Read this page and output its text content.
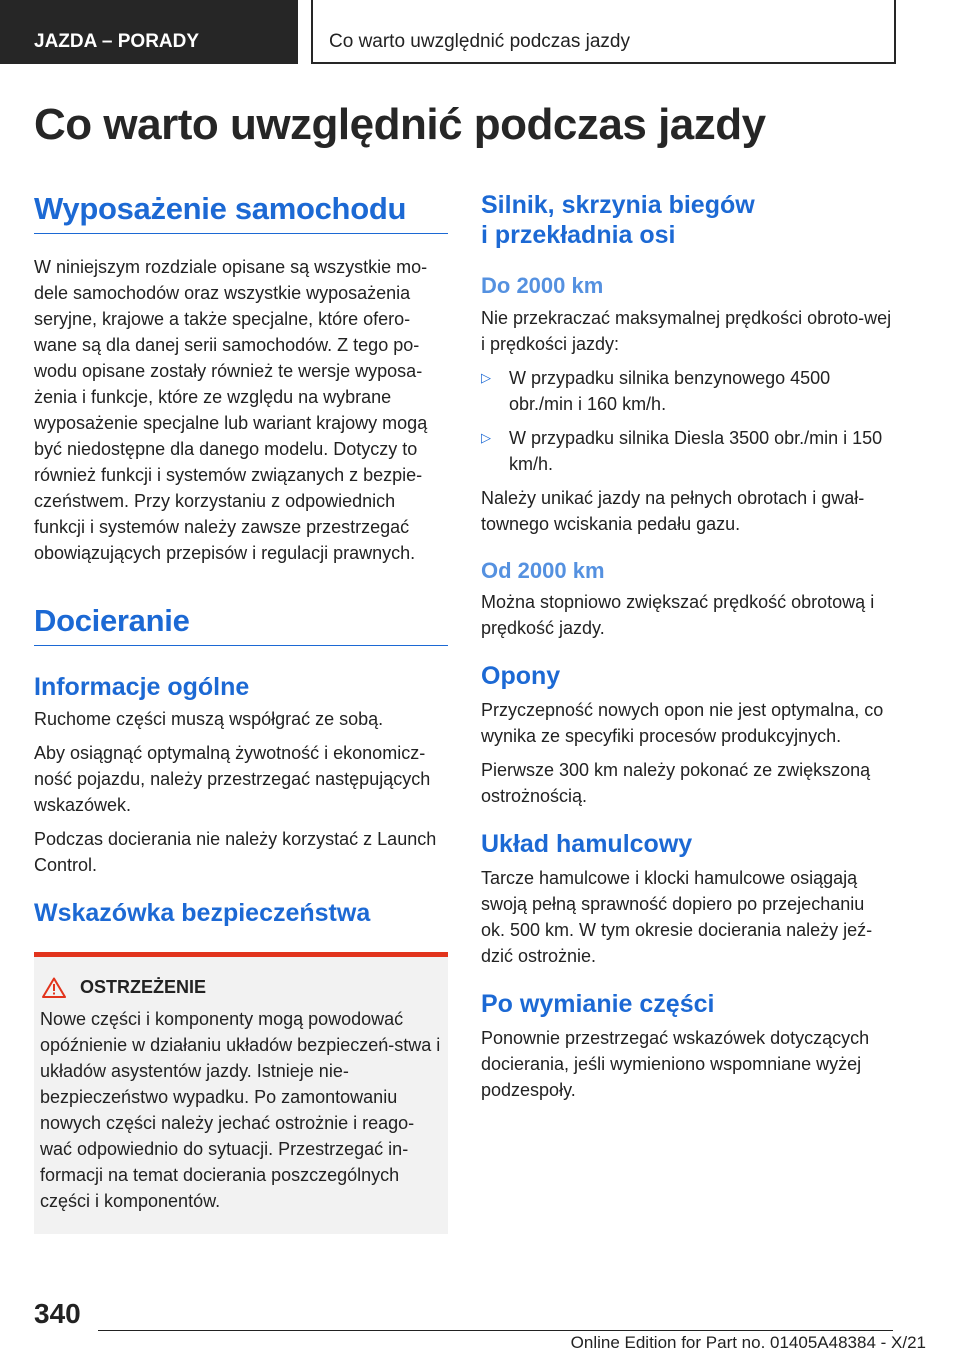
JAZDA – PORADY	Co warto uwzględnić podczas jazdy
Co warto uwzględnić podczas jazdy
Wyposażenie samochodu

W niniejszym rozdziale opisane są wszystkie mo-dele samochodów oraz wszystkie wyposażenia seryjne, krajowe a także specjalne, które ofero-wane są dla danej serii samochodów. Z tego po-wodu opisane zostały również te wersje wyposa-żenia i funkcje, które ze względu na wybrane wyposażenie specjalne lub wariant krajowy mogą być niedostępne dla danego modelu. Dotyczy to również funkcji i systemów związanych z bezpie-czeństwem. Przy korzystaniu z odpowiednich funkcji i systemów należy zawsze przestrzegać obowiązujących przepisów i regulacji prawnych.

Docieranie
Informacje ogólne

Ruchome części muszą współgrać ze sobą.

Aby osiągnąć optymalną żywotność i ekonomicz-ność pojazdu, należy przestrzegać następujących wskazówek.

Podczas docierania nie należy korzystać z Launch Control.

Wskazówka bezpieczeństwa
OSTRZEŻENIE

Nowe części i komponenty mogą powodować opóźnienie w działaniu układów bezpieczeń-stwa i układów asystentów jazdy. Istnieje nie-bezpieczeństwo wypadku. Po zamontowaniu nowych części należy jechać ostrożnie i reago-wać odpowiednio do sytuacji. Przestrzegać in-formacji na temat docierania poszczególnych części i komponentów.

Silnik, skrzynia biegów
i przekładnia osi
Do 2000 km

Nie przekraczać maksymalnej prędkości obroto-wej i prędkości jazdy:

▷	W przypadku silnika benzynowego 4500 obr./min i 160 km/h.
▷	W przypadku silnika Diesla 3500 obr./min i 150 km/h.

Należy unikać jazdy na pełnych obrotach i gwał-townego wciskania pedału gazu.

Od 2000 km

Można stopniowo zwiększać prędkość obrotową i prędkość jazdy.

Opony

Przyczepność nowych opon nie jest optymalna, co wynika ze specyfiki procesów produkcyjnych.

Pierwsze 300 km należy pokonać ze zwiększoną ostrożnością.

Układ hamulcowy

Tarcze hamulcowe i klocki hamulcowe osiągają swoją pełną sprawność dopiero po przejechaniu ok. 500 km. W tym okresie docierania należy jeź-dzić ostrożnie.

Po wymianie części

Ponownie przestrzegać wskazówek dotyczących docierania, jeśli wymieniono wspomniane wyżej podzespoły.

340
Online Edition for Part no. 01405A48384 - X/21
